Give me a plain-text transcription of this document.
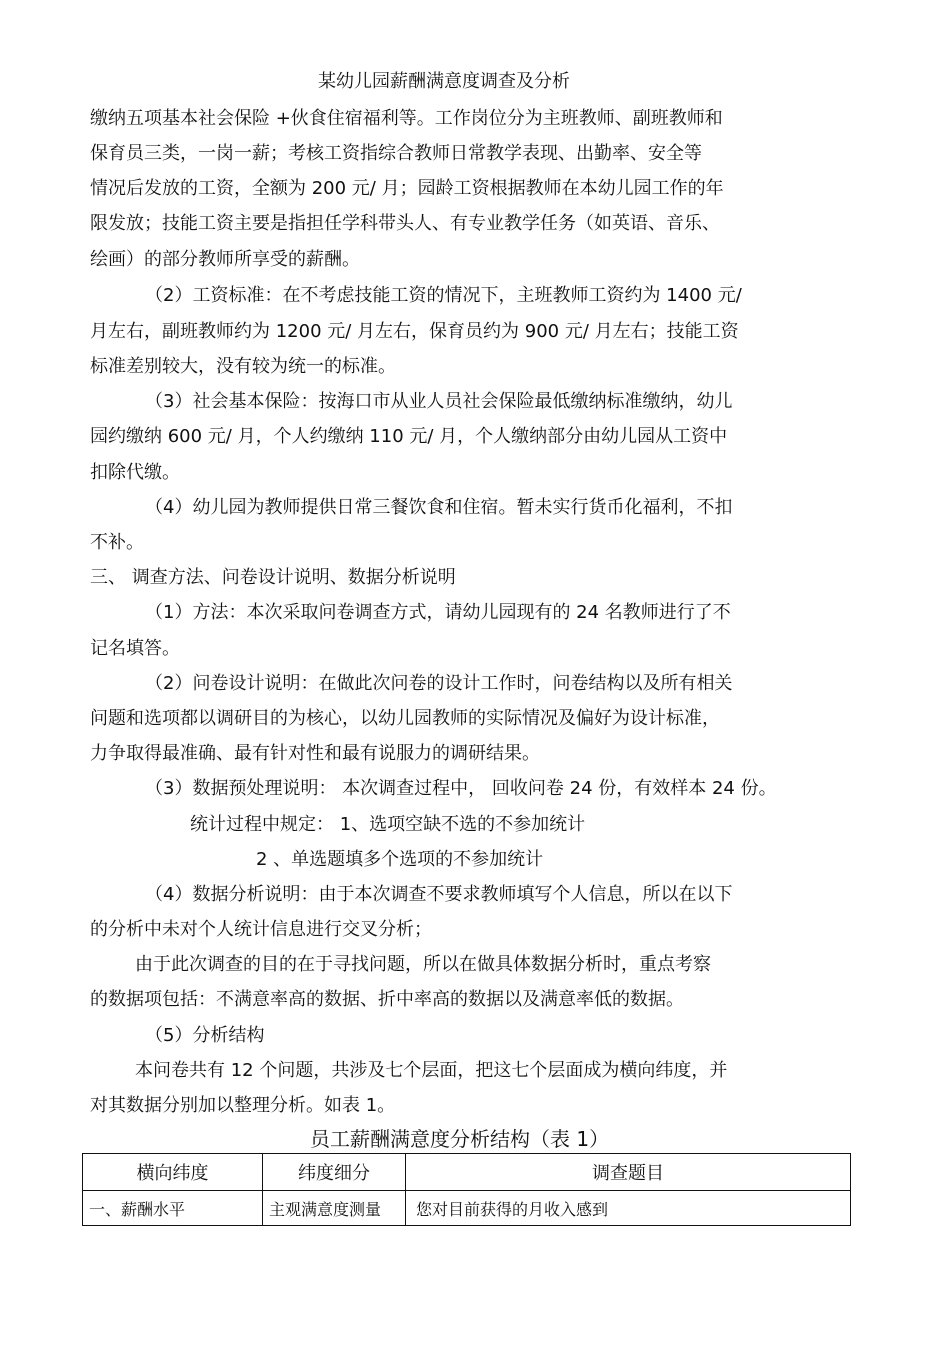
某幼儿园薪酬满意度调查及分析
缴纳五项基本社会保险 +伙食住宿福利等。工作岗位分为主班教师、副班教师和
保育员三类，一岗一薪；考核工资指综合教师日常教学表现、出勤率、安全等
情况后发放的工资，全额为 200 元/ 月；园龄工资根据教师在本幼儿园工作的年
限发放；技能工资主要是指担任学科带头人、有专业教学任务（如英语、音乐、
绘画）的部分教师所享受的薪酬。
（2）工资标准：在不考虑技能工资的情况下，主班教师工资约为 1400 元/
月左右，副班教师约为 1200 元/ 月左右，保育员约为 900 元/ 月左右；技能工资
标准差别较大，没有较为统一的标准。
（3）社会基本保险：按海口市从业人员社会保险最低缴纳标准缴纳，幼儿
园约缴纳 600 元/ 月，个人约缴纳 110 元/ 月，个人缴纳部分由幼儿园从工资中
扣除代缴。
（4）幼儿园为教师提供日常三餐饮食和住宿。暂未实行货币化福利，不扣
不补。
三、 调查方法、问卷设计说明、数据分析说明
（1）方法：本次采取问卷调查方式，请幼儿园现有的 24 名教师进行了不
记名填答。
（2）问卷设计说明：在做此次问卷的设计工作时，问卷结构以及所有相关
问题和选项都以调研目的为核心，以幼儿园教师的实际情况及偏好为设计标准，
力争取得最准确、最有针对性和最有说服力的调研结果。
（3）数据预处理说明： 本次调查过程中， 回收问卷 24 份，有效样本 24 份。
统计过程中规定： 1、选项空缺不选的不参加统计
2 、单选题填多个选项的不参加统计
（4）数据分析说明：由于本次调查不要求教师填写个人信息，所以在以下
的分析中未对个人统计信息进行交叉分析；
由于此次调查的目的在于寻找问题，所以在做具体数据分析时，重点考察
的数据项包括：不满意率高的数据、折中率高的数据以及满意率低的数据。
（5）分析结构
本问卷共有 12 个问题，共涉及七个层面，把这七个层面成为横向纬度，并
对其数据分别加以整理分析。如表 1。
员工薪酬满意度分析结构（表 1）
横向纬度	纬度细分	调查题目
一、薪酬水平	主观满意度测量	您对目前获得的月收入感到
